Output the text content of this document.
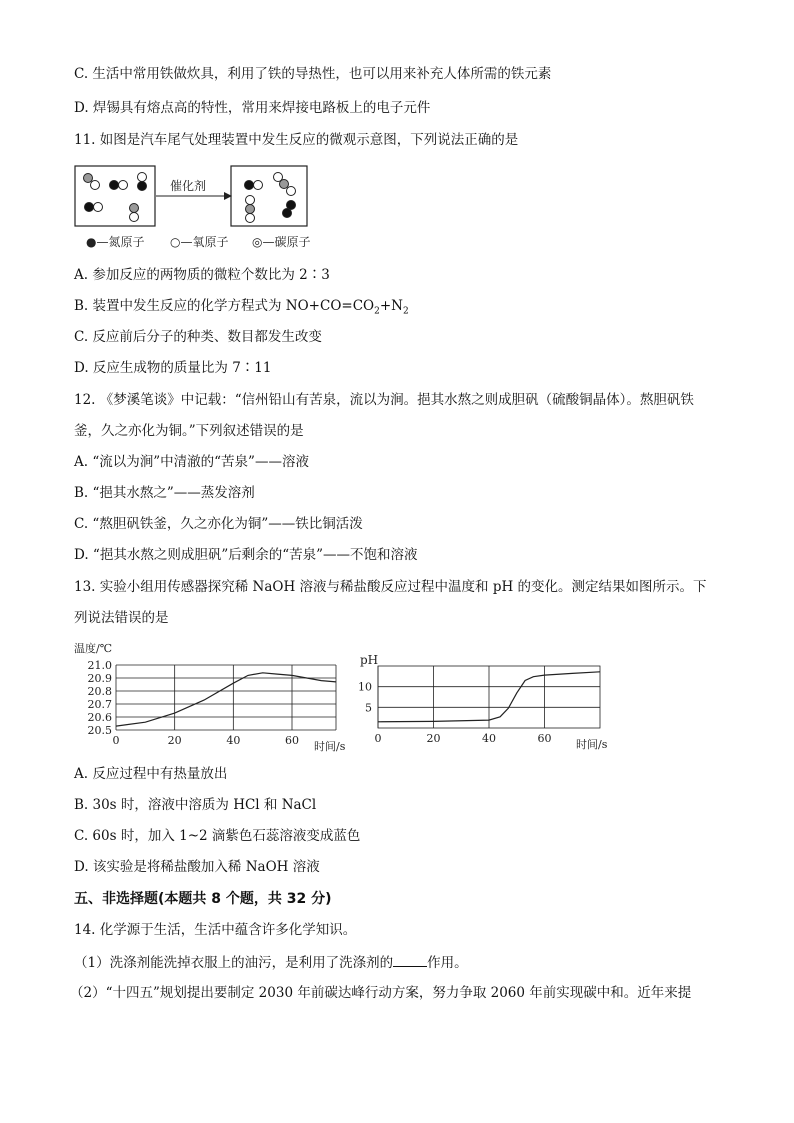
C. 生活中常用铁做炊具，利用了铁的导热性，也可以用来补充人体所需的铁元素
D. 焊锡具有熔点高的特性，常用来焊接电路板上的电子元件
11. 如图是汽车尾气处理装置中发生反应的微观示意图，下列说法正确的是
催化剂
●—氮原子 ○—氧原子 ◎—碳原子
A. 参加反应的两物质的微粒个数比为 2∶3
B. 装置中发生反应的化学方程式为 $NO+CO=CO_2+N_2$
C. 反应前后分子的种类、数目都发生改变
D. 反应生成物的质量比为 7∶11
12. 《梦溪笔谈》中记载：“信州铅山有苦泉，流以为涧。挹其水熬之则成胆矾（硫酸铜晶体）。熬胆矾铁
釜，久之亦化为铜。”下列叙述错误的是
A. “流以为涧”中清澈的“苦泉”——溶液
B. “挹其水熬之”——蒸发溶剂
C. “熬胆矾铁釜，久之亦化为铜”——铁比铜活泼
D. “挹其水熬之则成胆矾”后剩余的“苦泉”——不饱和溶液
13. 实验小组用传感器探究稀 NaOH 溶液与稀盐酸反应过程中温度和 pH 的变化。测定结果如图所示。下
列说法错误的是
温度/℃
20.5
20.6
20.7
20.8
20.9
21.0
0	20	40	60 时间/s
pH
5
10
0	20	40	60 时间/s
A. 反应过程中有热量放出
B. 30s 时，溶液中溶质为 HCl 和 NaCl
C. 60s 时，加入 1~2 滴紫色石蕊溶液变成蓝色
D. 该实验是将稀盐酸加入稀 NaOH 溶液
五、非选择题(本题共 8 个题，共 32 分)
14. 化学源于生活，生活中蕴含许多化学知识。
（1）洗涤剂能洗掉衣服上的油污，是利用了洗涤剂的	作用。
（2）“十四五”规划提出要制定 2030 年前碳达峰行动方案，努力争取 2060 年前实现碳中和。近年来提
